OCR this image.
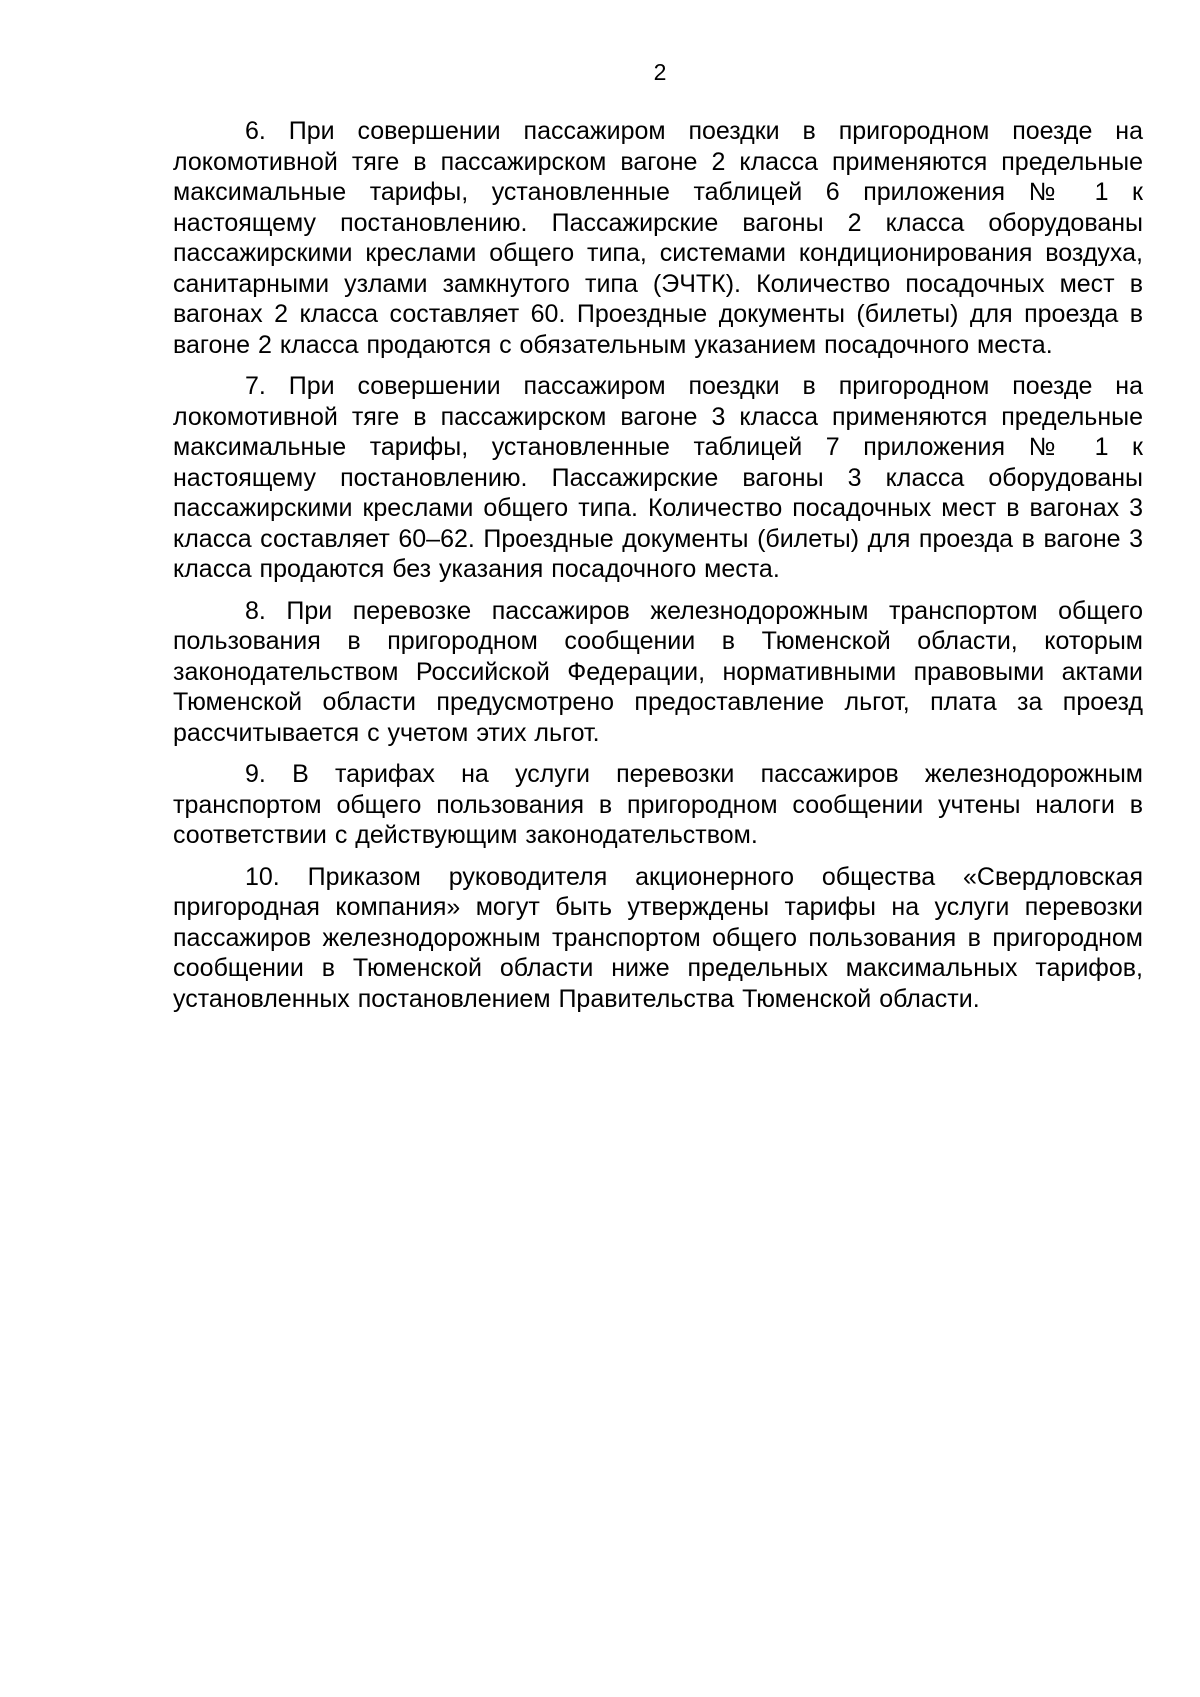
2

6. При совершении пассажиром поездки в пригородном поезде на локомотивной тяге в пассажирском вагоне 2 класса применяются предельные максимальные тарифы, установленные таблицей 6 приложения № 1 к настоящему постановлению. Пассажирские вагоны 2 класса оборудованы пассажирскими креслами общего типа, системами кондиционирования воздуха, санитарными узлами замкнутого типа (ЭЧТК). Количество посадочных мест в вагонах 2 класса составляет 60. Проездные документы (билеты) для проезда в вагоне 2 класса продаются с обязательным указанием посадочного места.

7. При совершении пассажиром поездки в пригородном поезде на локомотивной тяге в пассажирском вагоне 3 класса применяются предельные максимальные тарифы, установленные таблицей 7 приложения № 1 к настоящему постановлению. Пассажирские вагоны 3 класса оборудованы пассажирскими креслами общего типа. Количество посадочных мест в вагонах 3 класса составляет 60–62. Проездные документы (билеты) для проезда в вагоне 3 класса продаются без указания посадочного места.

8. При перевозке пассажиров железнодорожным транспортом общего пользования в пригородном сообщении в Тюменской области, которым законодательством Российской Федерации, нормативными правовыми актами Тюменской области предусмотрено предоставление льгот, плата за проезд рассчитывается с учетом этих льгот.

9. В тарифах на услуги перевозки пассажиров железнодорожным транспортом общего пользования в пригородном сообщении учтены налоги в соответствии с действующим законодательством.

10. Приказом руководителя акционерного общества «Свердловская пригородная компания» могут быть утверждены тарифы на услуги перевозки пассажиров железнодорожным транспортом общего пользования в пригородном сообщении в Тюменской области ниже предельных максимальных тарифов, установленных постановлением Правительства Тюменской области.
